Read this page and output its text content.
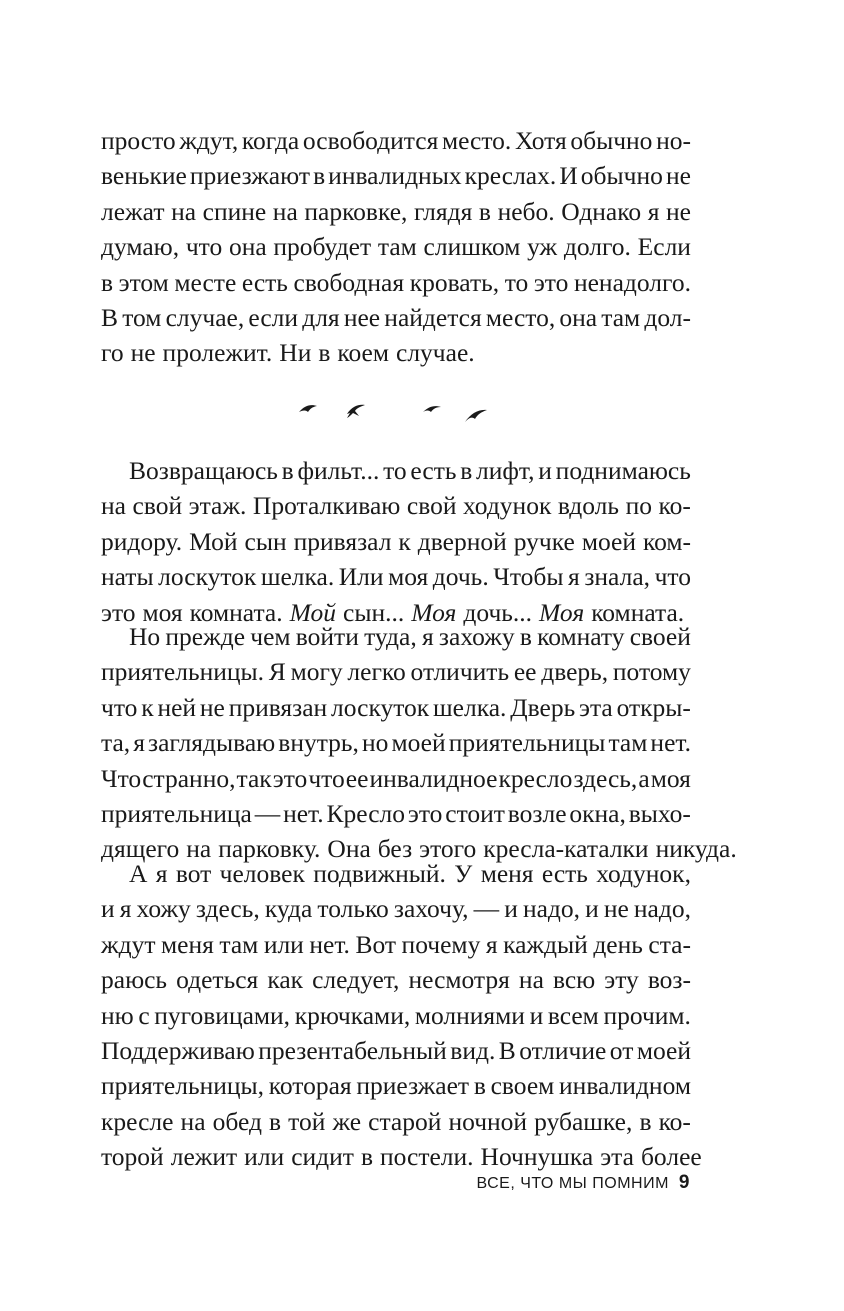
просто ждут, когда освободится место. Хотя обычно но-
венькие приезжают в инвалидных креслах. И обычно не
лежат на спине на парковке, глядя в небо. Однако я не
думаю, что она пробудет там слишком уж долго. Если
в этом месте есть свободная кровать, то это ненадолго.
В том случае, если для нее найдется место, она там дол-
го не пролежит. Ни в коем случае.
Возвращаюсь в фильт... то есть в лифт, и поднимаюсь
на свой этаж. Проталкиваю свой ходунок вдоль по ко-
ридору. Мой сын привязал к дверной ручке моей ком-
наты лоскуток шелка. Или моя дочь. Чтобы я знала, что
это моя комната. Мой сын... Моя дочь... Моя комната.
Но прежде чем войти туда, я захожу в комнату своей
приятельницы. Я могу легко отличить ее дверь, потому
что к ней не привязан лоскуток шелка. Дверь эта откры-
та, я заглядываю внутрь, но моей приятельницы там нет.
Что странно, так это что ее инвалидное кресло здесь, а моя
приятельница — нет. Кресло это стоит возле окна, выхо-
дящего на парковку. Она без этого кресла-каталки никуда.
А я вот человек подвижный. У меня есть ходунок,
и я хожу здесь, куда только захочу, — и надо, и не надо,
ждут меня там или нет. Вот почему я каждый день ста-
раюсь одеться как следует, несмотря на всю эту воз-
ню с пуговицами, крючками, молниями и всем прочим.
Поддерживаю презентабельный вид. В отличие от моей
приятельницы, которая приезжает в своем инвалидном
кресле на обед в той же старой ночной рубашке, в ко-
торой лежит или сидит в постели. Ночнушка эта более
ВСЕ, ЧТО МЫ ПОМНИМ 9
